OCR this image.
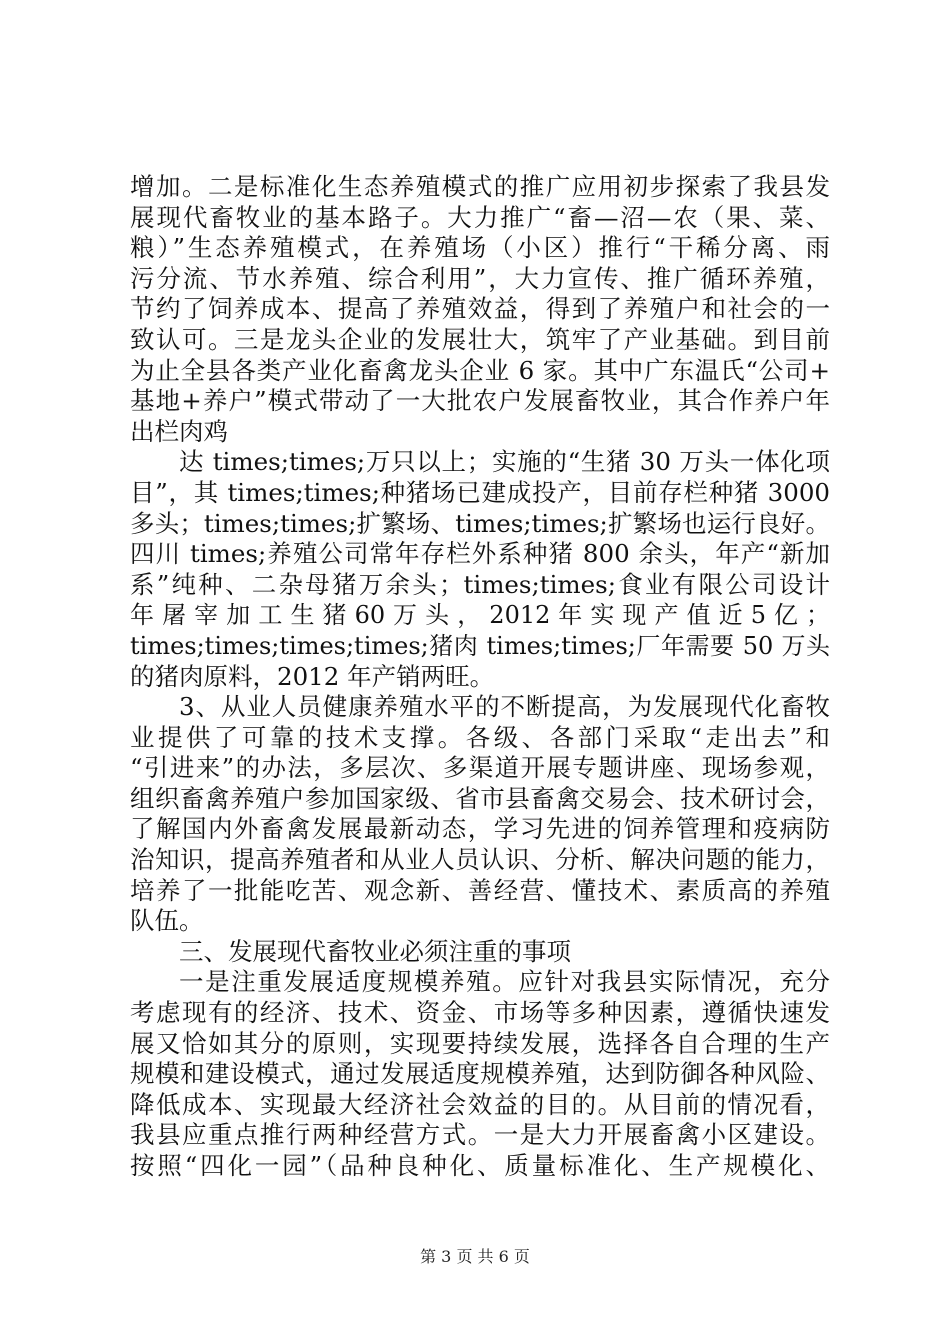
增加。二是标准化生态养殖模式的推广应用初步探索了我县发
展现代畜牧业的基本路子。大力推广“畜—沼—农（果、菜、
粮）”生态养殖模式，在养殖场（小区）推行“干稀分离、雨
污分流、节水养殖、综合利用”，大力宣传、推广循环养殖，
节约了饲养成本、提高了养殖效益，得到了养殖户和社会的一
致认可。三是龙头企业的发展壮大，筑牢了产业基础。到目前
为止全县各类产业化畜禽龙头企业 6 家。其中广东温氏“公司+
基地+养户”模式带动了一大批农户发展畜牧业，其合作养户年
出栏肉鸡
达 times;times;万只以上；实施的“生猪 30 万头一体化项
目”，其 times;times;种猪场已建成投产，目前存栏种猪 3000
多头；times;times;扩繁场、times;times;扩繁场也运行良好。
四川 times;养殖公司常年存栏外系种猪 800 余头，年产“新加
系”纯种、二杂母猪万余头；times;times;食业有限公司设计
年 屠 宰 加 工 生 猪 60 万 头 ， 2012 年 实 现 产 值 近 5 亿 ；
times;times;times;times;猪肉 times;times;厂年需要 50 万头
的猪肉原料，2012 年产销两旺。
3、从业人员健康养殖水平的不断提高，为发展现代化畜牧
业提供了可靠的技术支撑。各级、各部门采取“走出去”和
“引进来”的办法，多层次、多渠道开展专题讲座、现场参观，
组织畜禽养殖户参加国家级、省市县畜禽交易会、技术研讨会，
了解国内外畜禽发展最新动态，学习先进的饲养管理和疫病防
治知识，提高养殖者和从业人员认识、分析、解决问题的能力，
培养了一批能吃苦、观念新、善经营、懂技术、素质高的养殖
队伍。
三、发展现代畜牧业必须注重的事项
一是注重发展适度规模养殖。应针对我县实际情况，充分
考虑现有的经济、技术、资金、市场等多种因素，遵循快速发
展又恰如其分的原则，实现要持续发展，选择各自合理的生产
规模和建设模式，通过发展适度规模养殖，达到防御各种风险、
降低成本、实现最大经济社会效益的目的。从目前的情况看，
我县应重点推行两种经营方式。一是大力开展畜禽小区建设。
按照“四化一园”（品种良种化、质量标准化、生产规模化、
第 3 页 共 6 页
